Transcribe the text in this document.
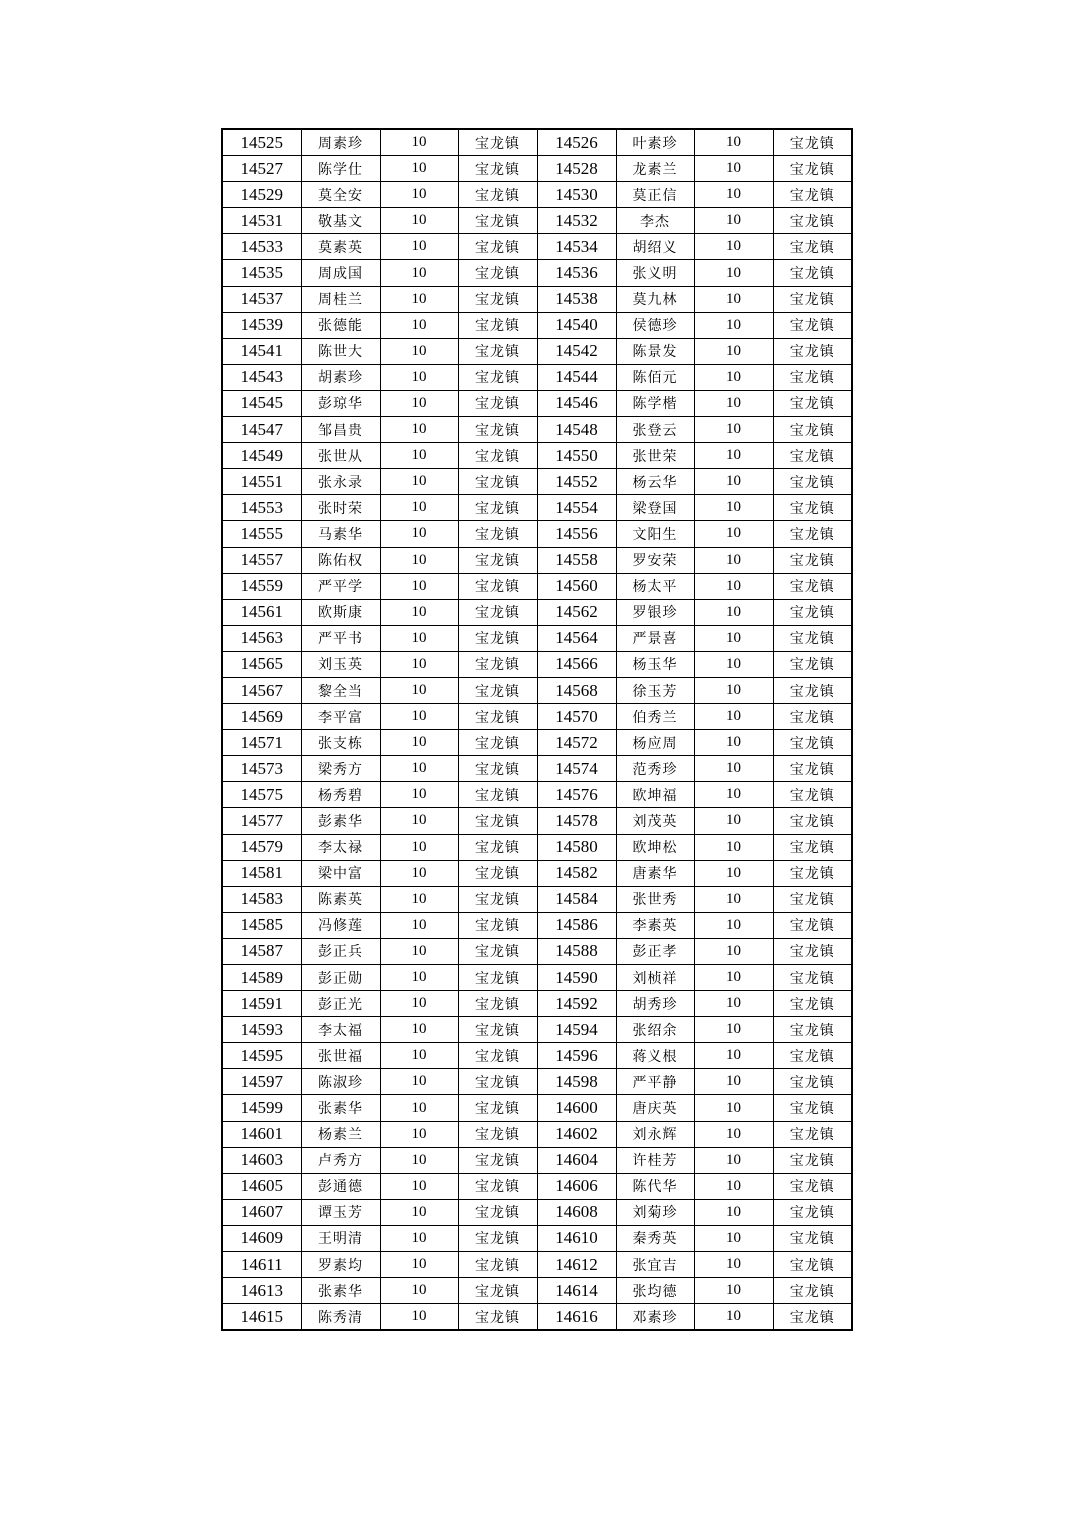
14525	周素珍	10	宝龙镇	14526	叶素珍	10	宝龙镇
14527	陈学仕	10	宝龙镇	14528	龙素兰	10	宝龙镇
14529	莫全安	10	宝龙镇	14530	莫正信	10	宝龙镇
14531	敬基文	10	宝龙镇	14532	李杰	10	宝龙镇
14533	莫素英	10	宝龙镇	14534	胡绍义	10	宝龙镇
14535	周成国	10	宝龙镇	14536	张义明	10	宝龙镇
14537	周桂兰	10	宝龙镇	14538	莫九林	10	宝龙镇
14539	张德能	10	宝龙镇	14540	侯德珍	10	宝龙镇
14541	陈世大	10	宝龙镇	14542	陈景发	10	宝龙镇
14543	胡素珍	10	宝龙镇	14544	陈佰元	10	宝龙镇
14545	彭琼华	10	宝龙镇	14546	陈学楷	10	宝龙镇
14547	邹昌贵	10	宝龙镇	14548	张登云	10	宝龙镇
14549	张世从	10	宝龙镇	14550	张世荣	10	宝龙镇
14551	张永录	10	宝龙镇	14552	杨云华	10	宝龙镇
14553	张时荣	10	宝龙镇	14554	梁登国	10	宝龙镇
14555	马素华	10	宝龙镇	14556	文阳生	10	宝龙镇
14557	陈佑权	10	宝龙镇	14558	罗安荣	10	宝龙镇
14559	严平学	10	宝龙镇	14560	杨太平	10	宝龙镇
14561	欧斯康	10	宝龙镇	14562	罗银珍	10	宝龙镇
14563	严平书	10	宝龙镇	14564	严景喜	10	宝龙镇
14565	刘玉英	10	宝龙镇	14566	杨玉华	10	宝龙镇
14567	黎全当	10	宝龙镇	14568	徐玉芳	10	宝龙镇
14569	李平富	10	宝龙镇	14570	伯秀兰	10	宝龙镇
14571	张支栋	10	宝龙镇	14572	杨应周	10	宝龙镇
14573	梁秀方	10	宝龙镇	14574	范秀珍	10	宝龙镇
14575	杨秀碧	10	宝龙镇	14576	欧坤福	10	宝龙镇
14577	彭素华	10	宝龙镇	14578	刘茂英	10	宝龙镇
14579	李太禄	10	宝龙镇	14580	欧坤松	10	宝龙镇
14581	梁中富	10	宝龙镇	14582	唐素华	10	宝龙镇
14583	陈素英	10	宝龙镇	14584	张世秀	10	宝龙镇
14585	冯修莲	10	宝龙镇	14586	李素英	10	宝龙镇
14587	彭正兵	10	宝龙镇	14588	彭正孝	10	宝龙镇
14589	彭正勋	10	宝龙镇	14590	刘桢祥	10	宝龙镇
14591	彭正光	10	宝龙镇	14592	胡秀珍	10	宝龙镇
14593	李太福	10	宝龙镇	14594	张绍余	10	宝龙镇
14595	张世福	10	宝龙镇	14596	蒋义根	10	宝龙镇
14597	陈淑珍	10	宝龙镇	14598	严平静	10	宝龙镇
14599	张素华	10	宝龙镇	14600	唐庆英	10	宝龙镇
14601	杨素兰	10	宝龙镇	14602	刘永辉	10	宝龙镇
14603	卢秀方	10	宝龙镇	14604	许桂芳	10	宝龙镇
14605	彭通德	10	宝龙镇	14606	陈代华	10	宝龙镇
14607	谭玉芳	10	宝龙镇	14608	刘菊珍	10	宝龙镇
14609	王明清	10	宝龙镇	14610	秦秀英	10	宝龙镇
14611	罗素均	10	宝龙镇	14612	张宜吉	10	宝龙镇
14613	张素华	10	宝龙镇	14614	张均德	10	宝龙镇
14615	陈秀清	10	宝龙镇	14616	邓素珍	10	宝龙镇
